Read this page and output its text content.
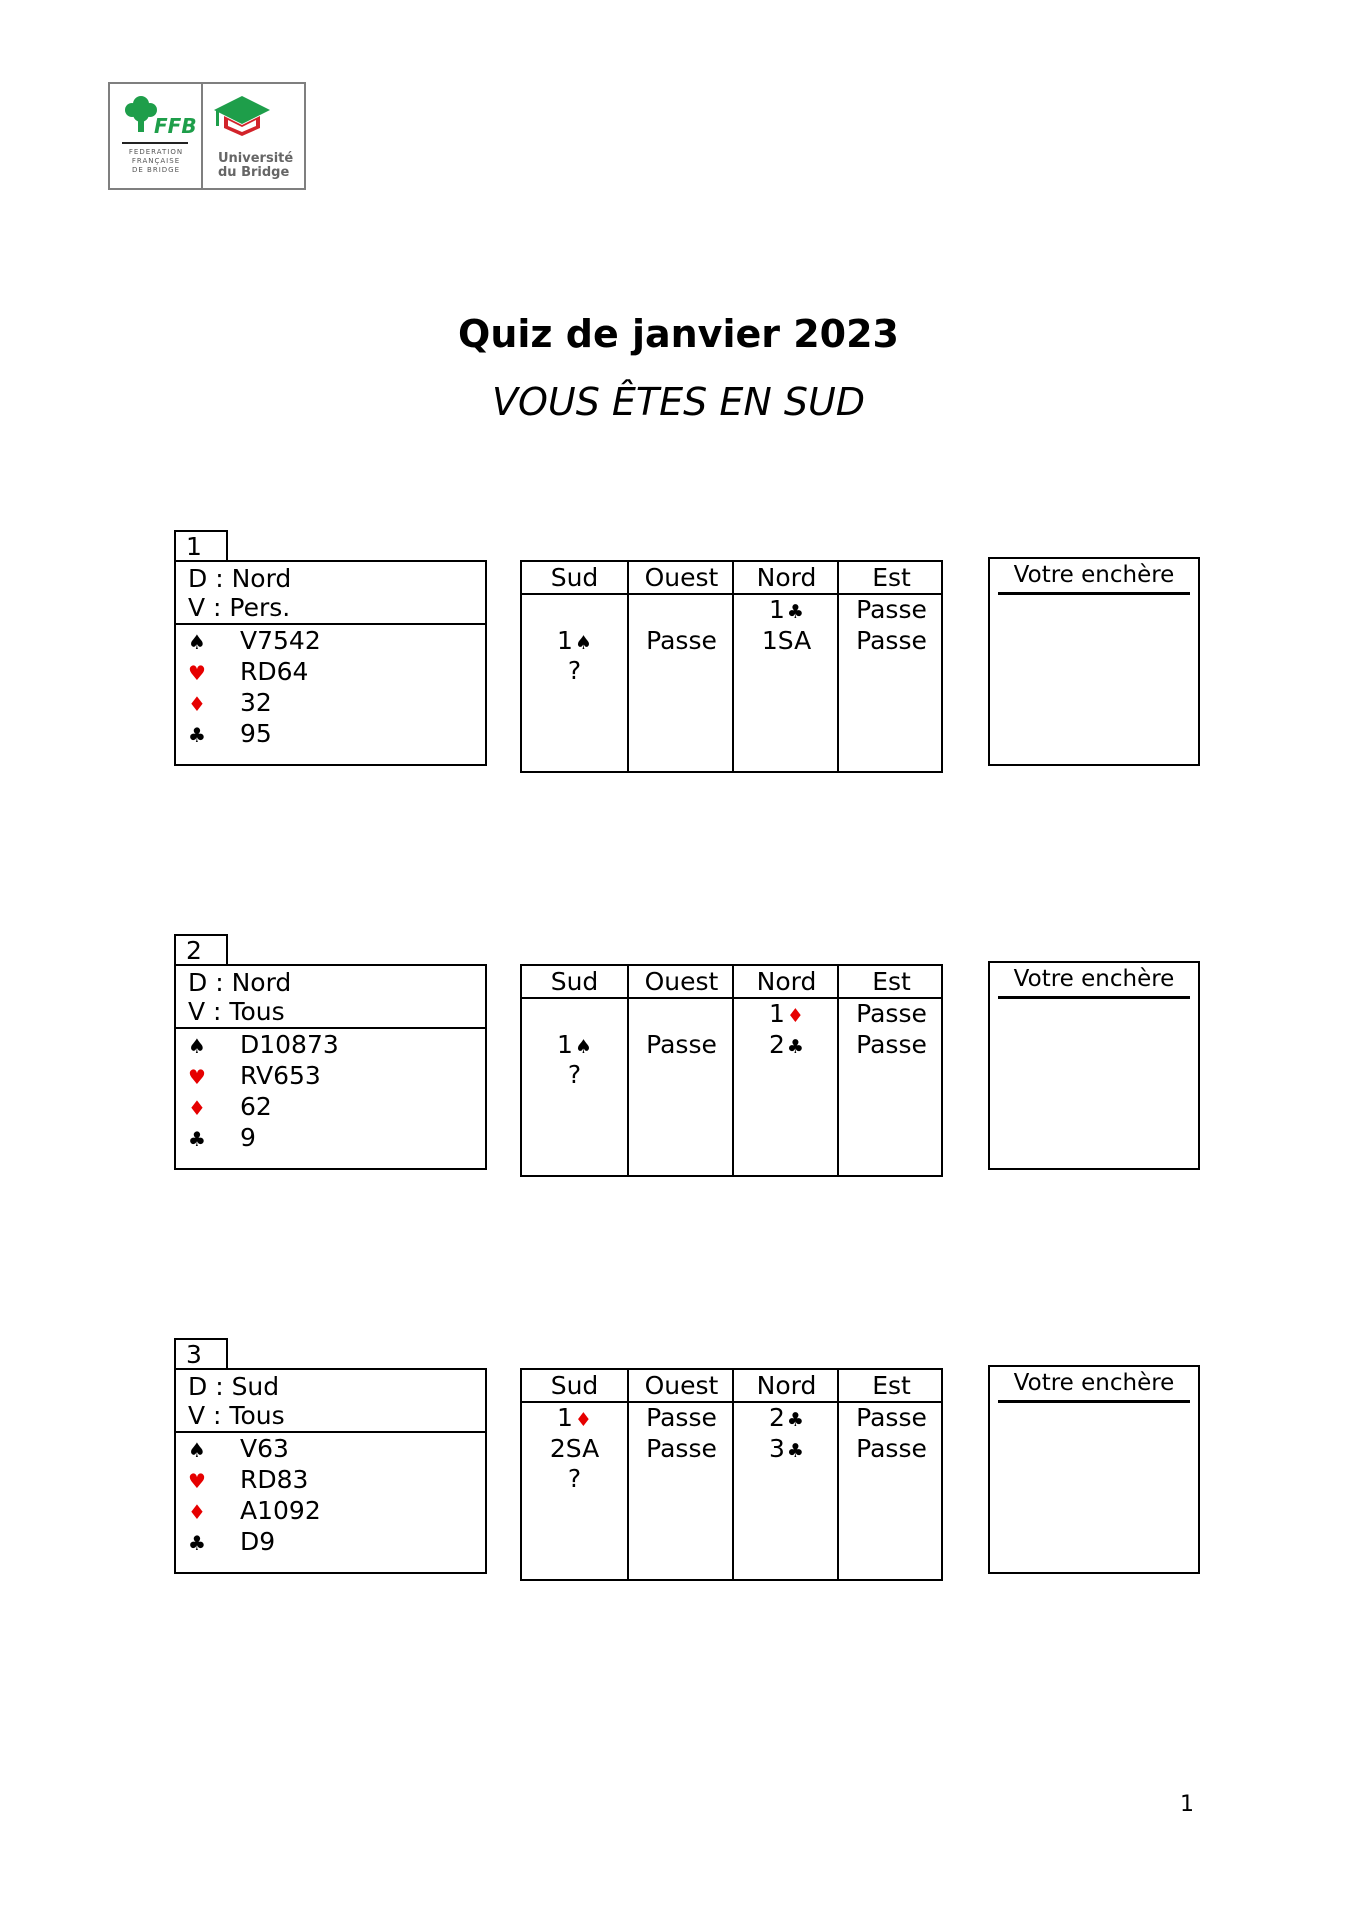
FFB
FEDERATION
FRANÇAISE
DE BRIDGE
Université
du Bridge
Quiz de janvier 2023
VOUS ÊTES EN SUD
1
D : Nord
V : Pers.
♠ V7542
♥ RD64
♦ 32
♣ 95
Sud
1 ♠
?
Ouest
Passe
Nord
1 ♣
1SA
Est
Passe
Passe
Votre enchère
2
D : Nord
V : Tous
♠ D10873
♥ RV653
♦ 62
♣ 9
Sud
1 ♠
?
Ouest
Passe
Nord
1 ♦
2 ♣
Est
Passe
Passe
Votre enchère
3
D : Sud
V : Tous
♠ V63
♥ RD83
♦ A1092
♣ D9
Sud
1 ♦
2SA
?
Ouest
Passe
Passe
Nord
2 ♣
3 ♣
Est
Passe
Passe
Votre enchère
1
